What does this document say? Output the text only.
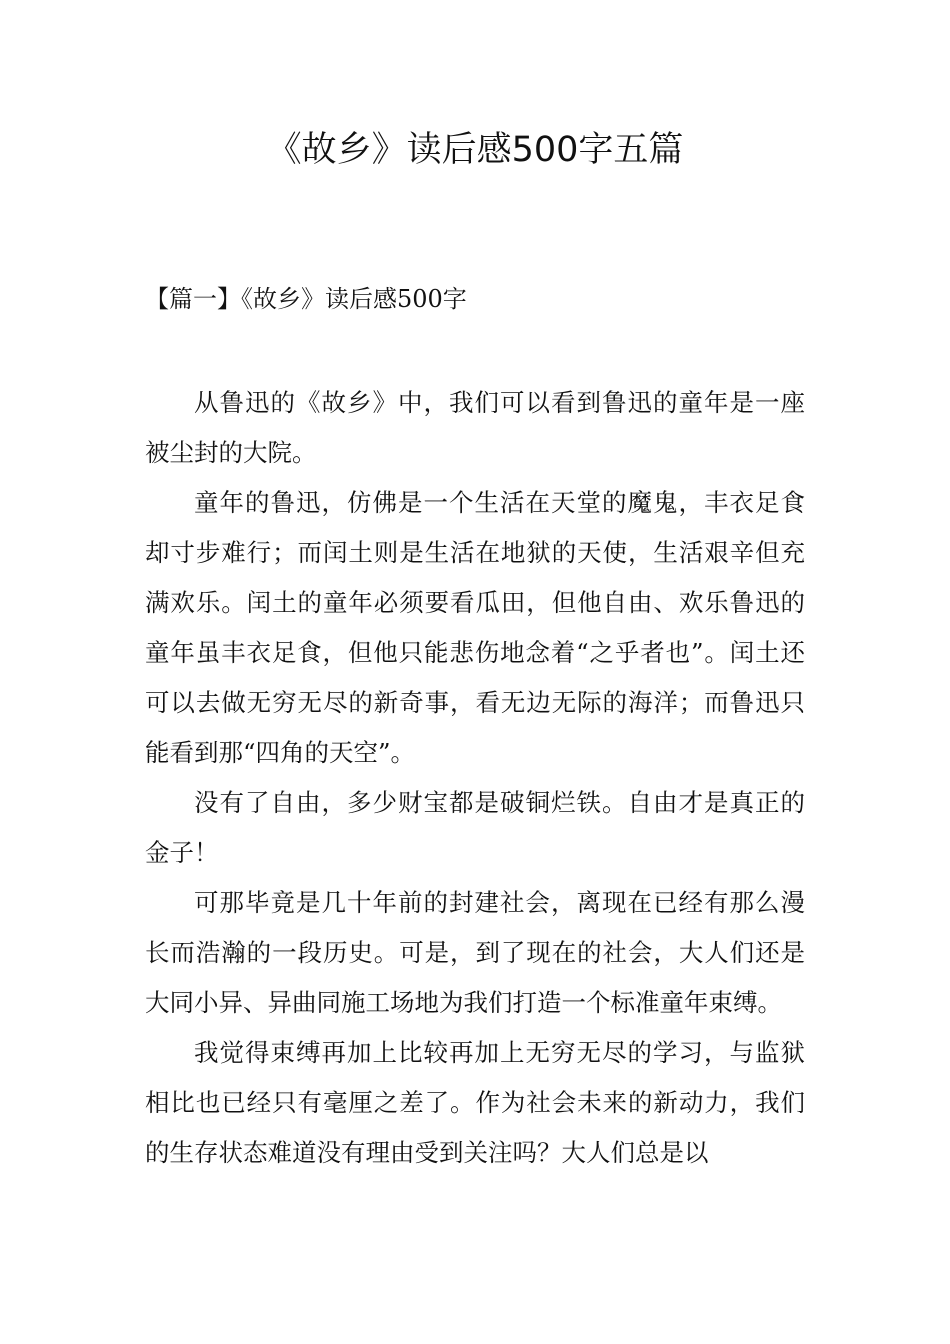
《故乡》读后感500字五篇
【篇一】《故乡》读后感500字

从鲁迅的《故乡》中，我们可以看到鲁迅的童年是一座被尘封的大院。

童年的鲁迅，仿佛是一个生活在天堂的魔鬼，丰衣足食却寸步难行；而闰土则是生活在地狱的天使，生活艰辛但充满欢乐。闰土的童年必须要看瓜田，但他自由、欢乐鲁迅的童年虽丰衣足食，但他只能悲伤地念着“之乎者也”。闰土还可以去做无穷无尽的新奇事，看无边无际的海洋；而鲁迅只能看到那“四角的天空”。

没有了自由，多少财宝都是破铜烂铁。自由才是真正的金子！

可那毕竟是几十年前的封建社会，离现在已经有那么漫长而浩瀚的一段历史。可是，到了现在的社会，大人们还是大同小异、异曲同施工场地为我们打造一个标准童年束缚。

我觉得束缚再加上比较再加上无穷无尽的学习，与监狱相比也已经只有毫厘之差了。作为社会未来的新动力，我们的生存状态难道没有理由受到关注吗？大人们总是以
